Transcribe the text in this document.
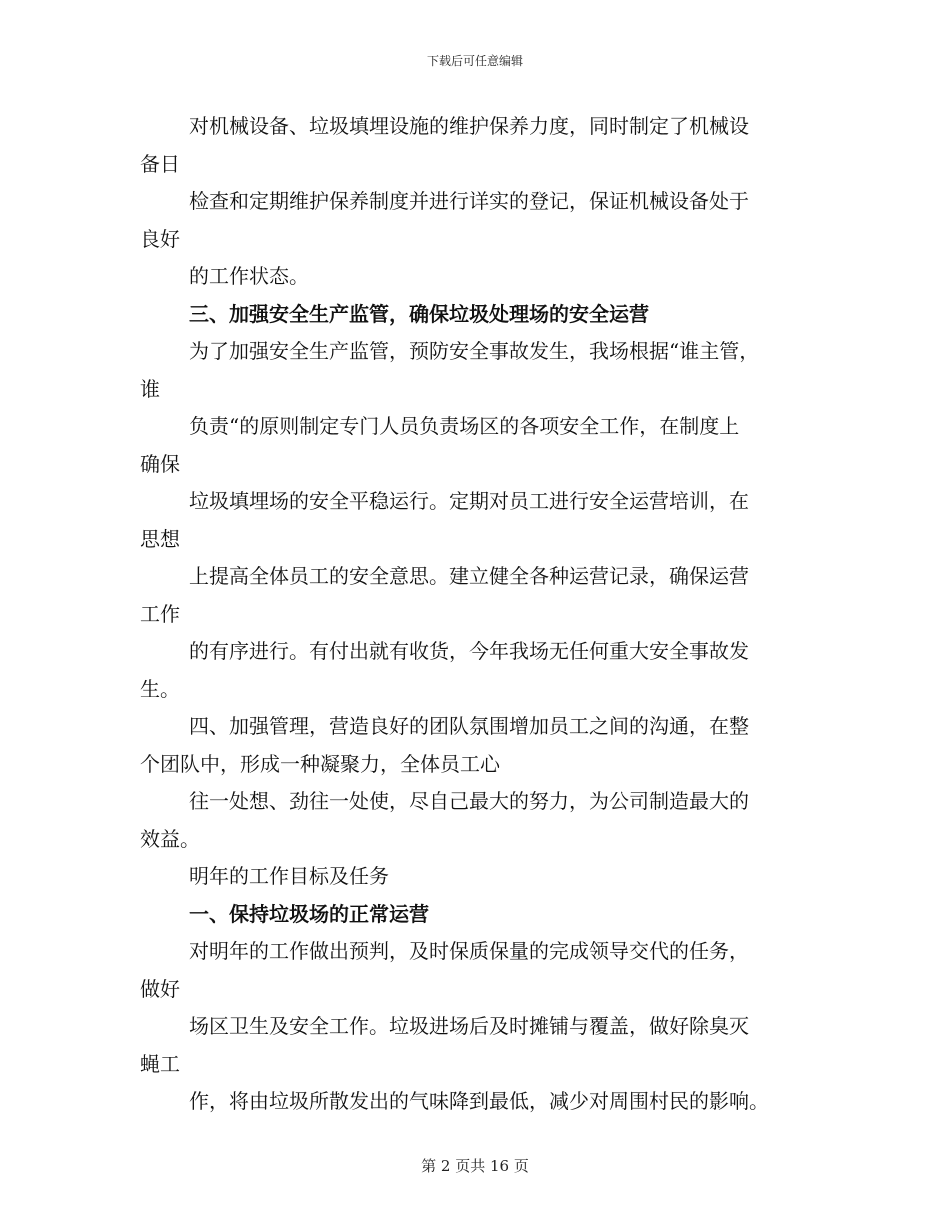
下载后可任意编辑
对机械设备、垃圾填埋设施的维护保养力度，同时制定了机械设
备日
检查和定期维护保养制度并进行详实的登记，保证机械设备处于
良好
的工作状态。
三、加强安全生产监管，确保垃圾处理场的安全运营
为了加强安全生产监管，预防安全事故发生，我场根据“谁主管，
谁
负责“的原则制定专门人员负责场区的各项安全工作，在制度上
确保
垃圾填埋场的安全平稳运行。定期对员工进行安全运营培训，在
思想
上提高全体员工的安全意思。建立健全各种运营记录，确保运营
工作
的有序进行。有付出就有收货，今年我场无任何重大安全事故发
生。
四、加强管理，营造良好的团队氛围增加员工之间的沟通，在整
个团队中，形成一种凝聚力，全体员工心
往一处想、劲往一处使，尽自己最大的努力，为公司制造最大的
效益。
明年的工作目标及任务
一、保持垃圾场的正常运营
对明年的工作做出预判，及时保质保量的完成领导交代的任务，
做好
场区卫生及安全工作。垃圾进场后及时摊铺与覆盖，做好除臭灭
蝇工
作，将由垃圾所散发出的气味降到最低，减少对周围村民的影响。
第 2 页共 16 页
